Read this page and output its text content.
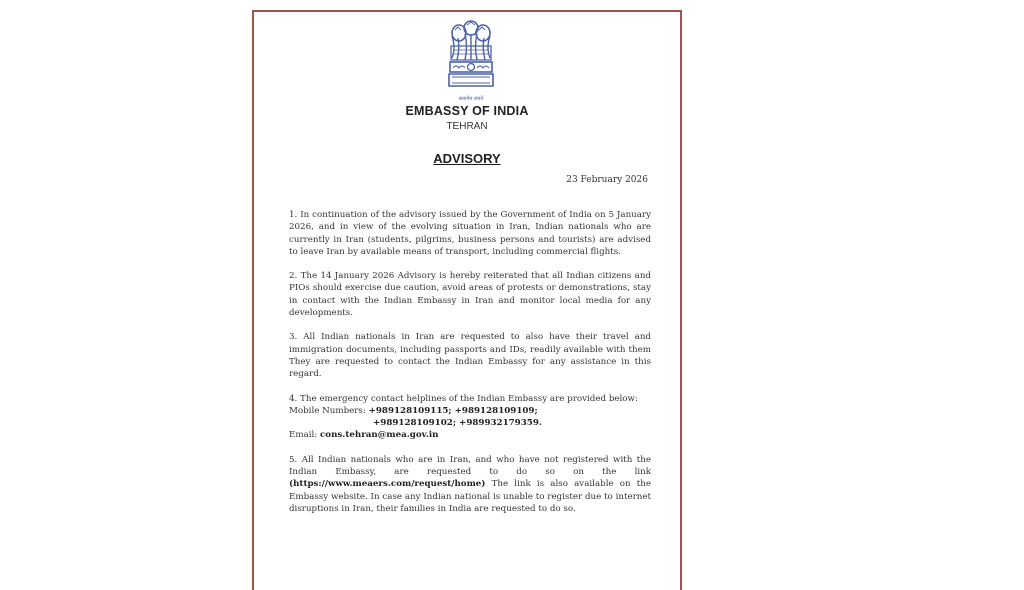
सत्यमेव जयते
EMBASSY OF INDIA
TEHRAN
ADVISORY
23 February 2026

1. In continuation of the advisory issued by the Government of India on 5 January 2026, and in view of the evolving situation in Iran, Indian nationals who are currently in Iran (students, pilgrims, business persons and tourists) are advised to leave Iran by available means of transport, including commercial flights.

2. The 14 January 2026 Advisory is hereby reiterated that all Indian citizens and PIOs should exercise due caution, avoid areas of protests or demonstrations, stay in contact with the Indian Embassy in Iran and monitor local media for any developments.

3. All Indian nationals in Iran are requested to also have their travel and immigration documents, including passports and IDs, readily available with them They are requested to contact the Indian Embassy for any assistance in this regard.

4. The emergency contact helplines of the Indian Embassy are provided below:
Mobile Numbers: +989128109115; +989128109109;
+989128109102; +989932179359.
Email: cons.tehran@mea.gov.in

5. All Indian nationals who are in Iran, and who have not registered with the Indian Embassy, are requested to do so on the link (https://www.meaers.com/request/home) The link is also available on the Embassy website. In case any Indian national is unable to register due to internet disruptions in Iran, their families in India are requested to do so.
